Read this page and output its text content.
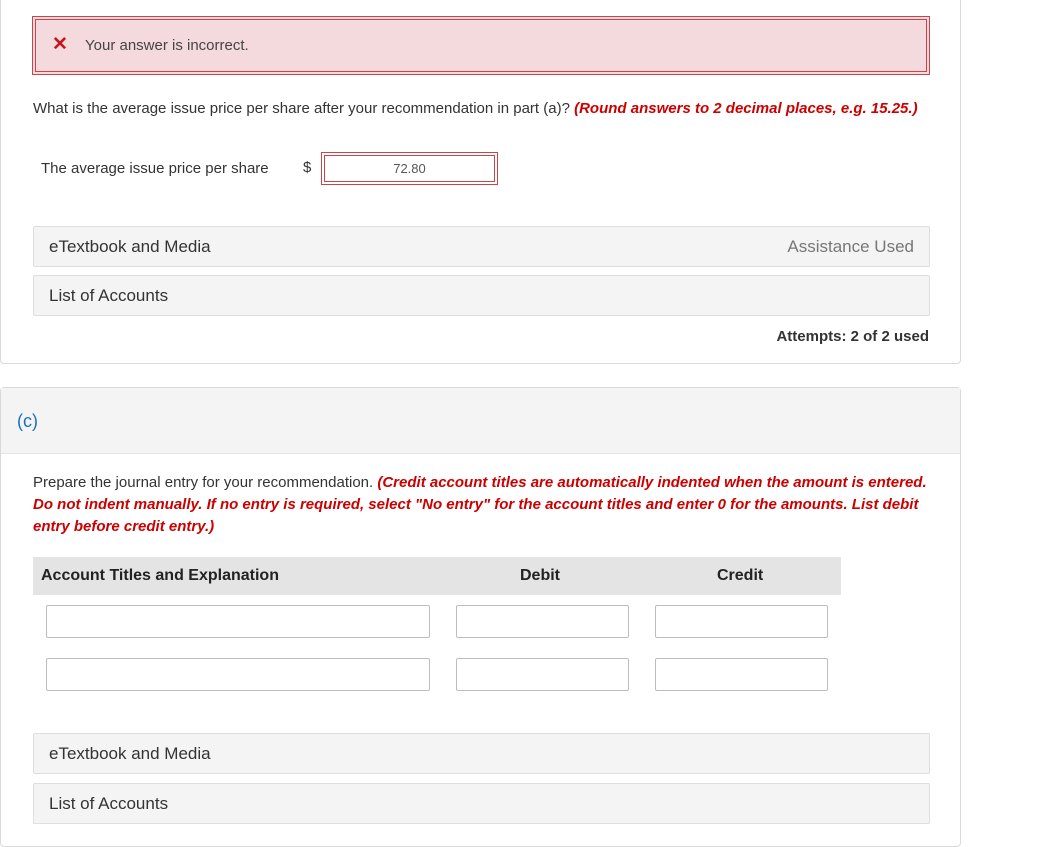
✕ Your answer is incorrect.
What is the average issue price per share after your recommendation in part (a)? (Round answers to 2 decimal places, e.g. 15.25.)
The average issue price per share $
72.80
eTextbook and Media	Assistance Used
List of Accounts
Attempts: 2 of 2 used
(c)
Prepare the journal entry for your recommendation. (Credit account titles are automatically indented when the amount is entered. Do not indent manually. If no entry is required, select "No entry" for the account titles and enter 0 for the amounts. List debit entry before credit entry.)
Account Titles and Explanation	Debit	Credit
eTextbook and Media
List of Accounts
